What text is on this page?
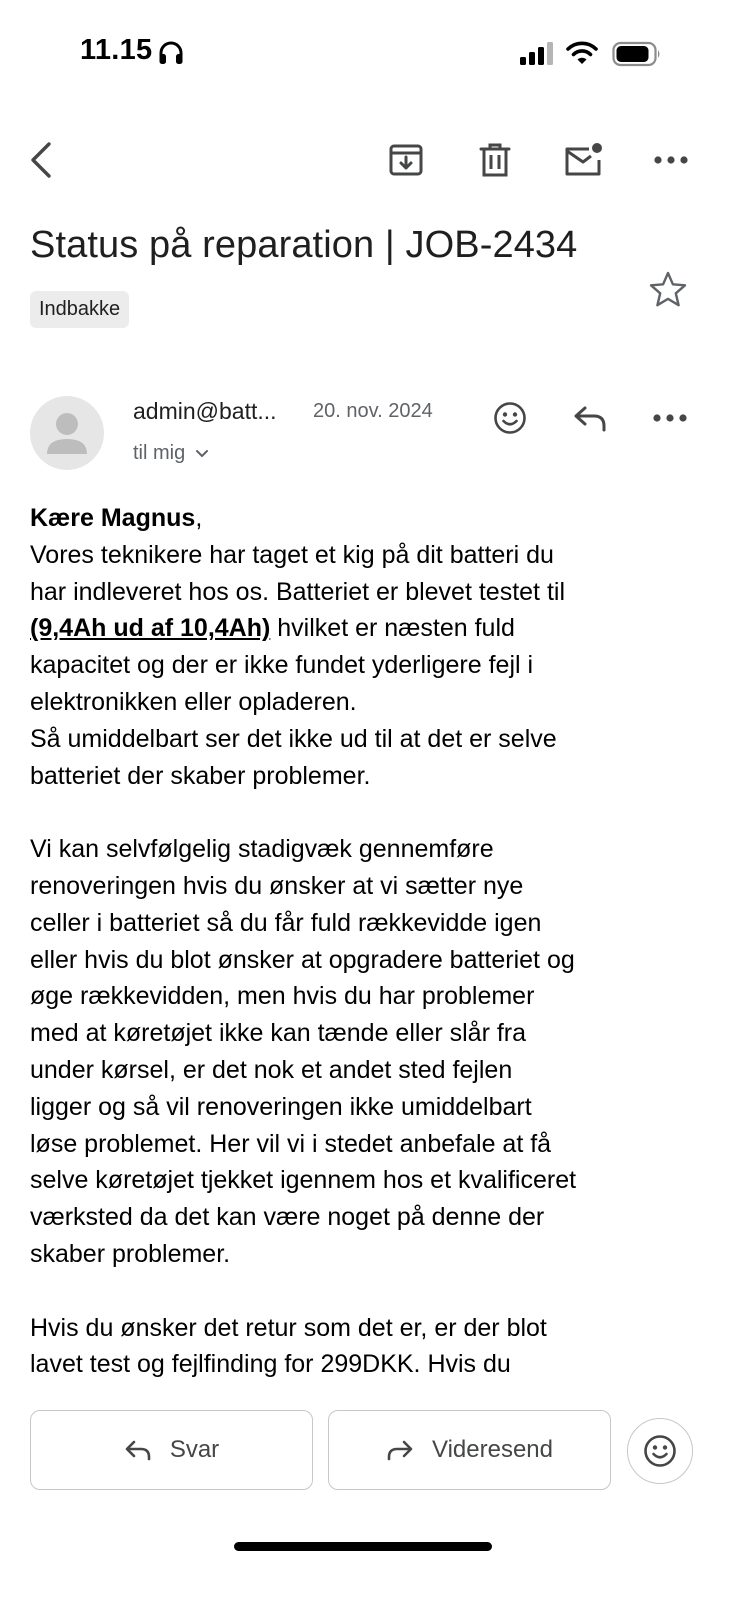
11.15
Status på reparation | JOB-2434
Indbakke
admin@batt...	20. nov. 2024
til mig

Kære Magnus,

Vores teknikere har taget et kig på dit batteri du

har indleveret hos os. Batteriet er blevet testet til

(9,4Ah ud af 10,4Ah) hvilket er næsten fuld

kapacitet og der er ikke fundet yderligere fejl i

elektronikken eller opladeren.

Så umiddelbart ser det ikke ud til at det er selve

batteriet der skaber problemer.

Vi kan selvfølgelig stadigvæk gennemføre

renoveringen hvis du ønsker at vi sætter nye

celler i batteriet så du får fuld rækkevidde igen

eller hvis du blot ønsker at opgradere batteriet og

øge rækkevidden, men hvis du har problemer

med at køretøjet ikke kan tænde eller slår fra

under kørsel, er det nok et andet sted fejlen

ligger og så vil renoveringen ikke umiddelbart

løse problemet. Her vil vi i stedet anbefale at få

selve køretøjet tjekket igennem hos et kvalificeret

værksted da det kan være noget på denne der

skaber problemer.

Hvis du ønsker det retur som det er, er der blot

lavet test og fejlfinding for 299DKK. Hvis du

Svar	Videresend
